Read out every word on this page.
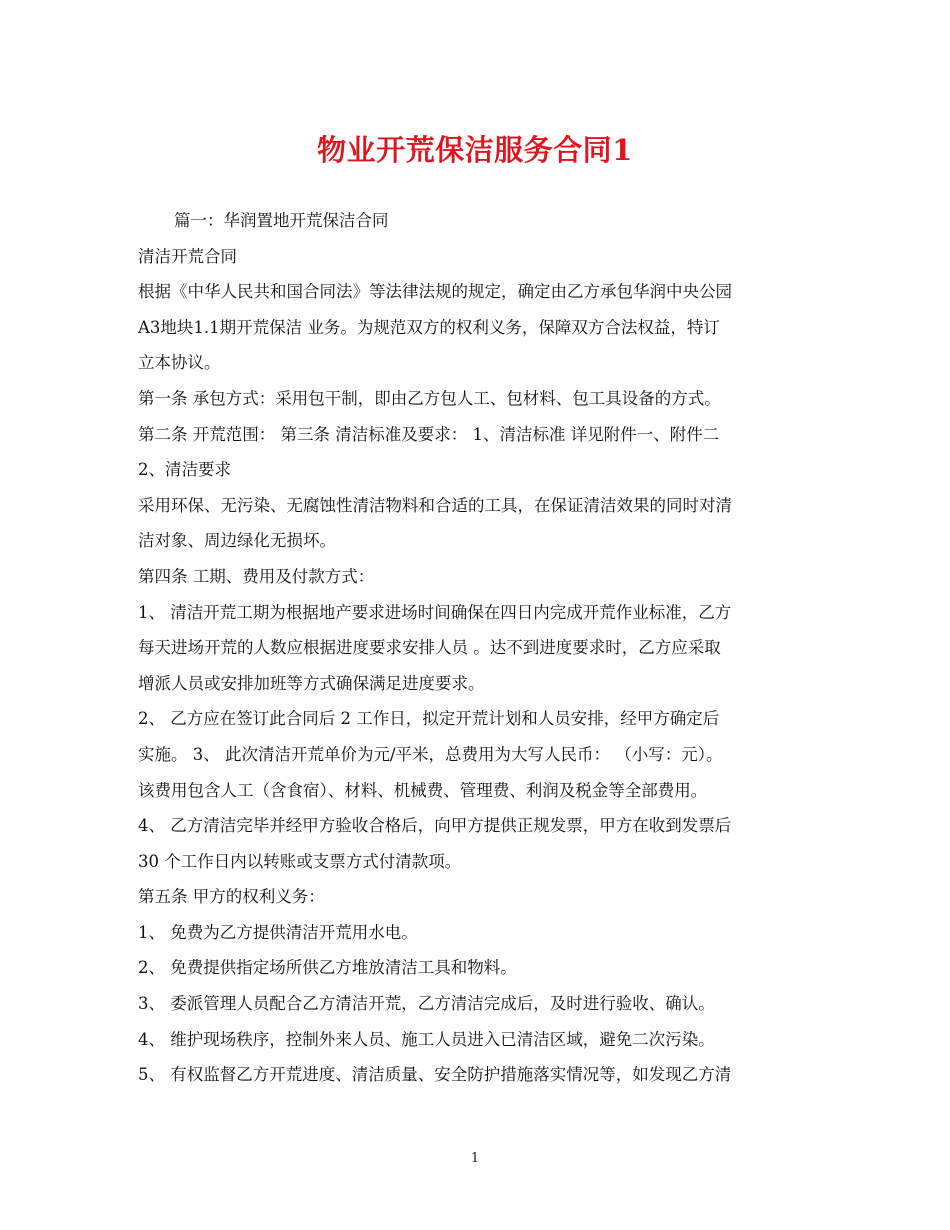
物业开荒保洁服务合同1
篇一：华润置地开荒保洁合同
清洁开荒合同
根据《中华人民共和国合同法》等法律法规的规定，确定由乙方承包华润中央公园
A3地块1.1期开荒保洁 业务。为规范双方的权利义务，保障双方合法权益，特订
立本协议。
第一条 承包方式：采用包干制，即由乙方包人工、包材料、包工具设备的方式。
第二条 开荒范围： 第三条 清洁标准及要求： 1、清洁标准 详见附件一、附件二
2、清洁要求
采用环保、无污染、无腐蚀性清洁物料和合适的工具，在保证清洁效果的同时对清
洁对象、周边绿化无损坏。
第四条 工期、费用及付款方式：
1、 清洁开荒工期为根据地产要求进场时间确保在四日内完成开荒作业标准，乙方
每天进场开荒的人数应根据进度要求安排人员 。达不到进度要求时，乙方应采取
增派人员或安排加班等方式确保满足进度要求。
2、 乙方应在签订此合同后 2 工作日，拟定开荒计划和人员安排，经甲方确定后
实施。 3、 此次清洁开荒单价为元/平米，总费用为大写人民币： （小写：元）。
该费用包含人工（含食宿）、材料、机械费、管理费、利润及税金等全部费用。
4、 乙方清洁完毕并经甲方验收合格后，向甲方提供正规发票，甲方在收到发票后
30 个工作日内以转账或支票方式付清款项。
第五条 甲方的权利义务：
1、 免费为乙方提供清洁开荒用水电。
2、 免费提供指定场所供乙方堆放清洁工具和物料。
3、 委派管理人员配合乙方清洁开荒，乙方清洁完成后，及时进行验收、确认。
4、 维护现场秩序，控制外来人员、施工人员进入已清洁区域，避免二次污染。
5、 有权监督乙方开荒进度、清洁质量、安全防护措施落实情况等，如发现乙方清
1
